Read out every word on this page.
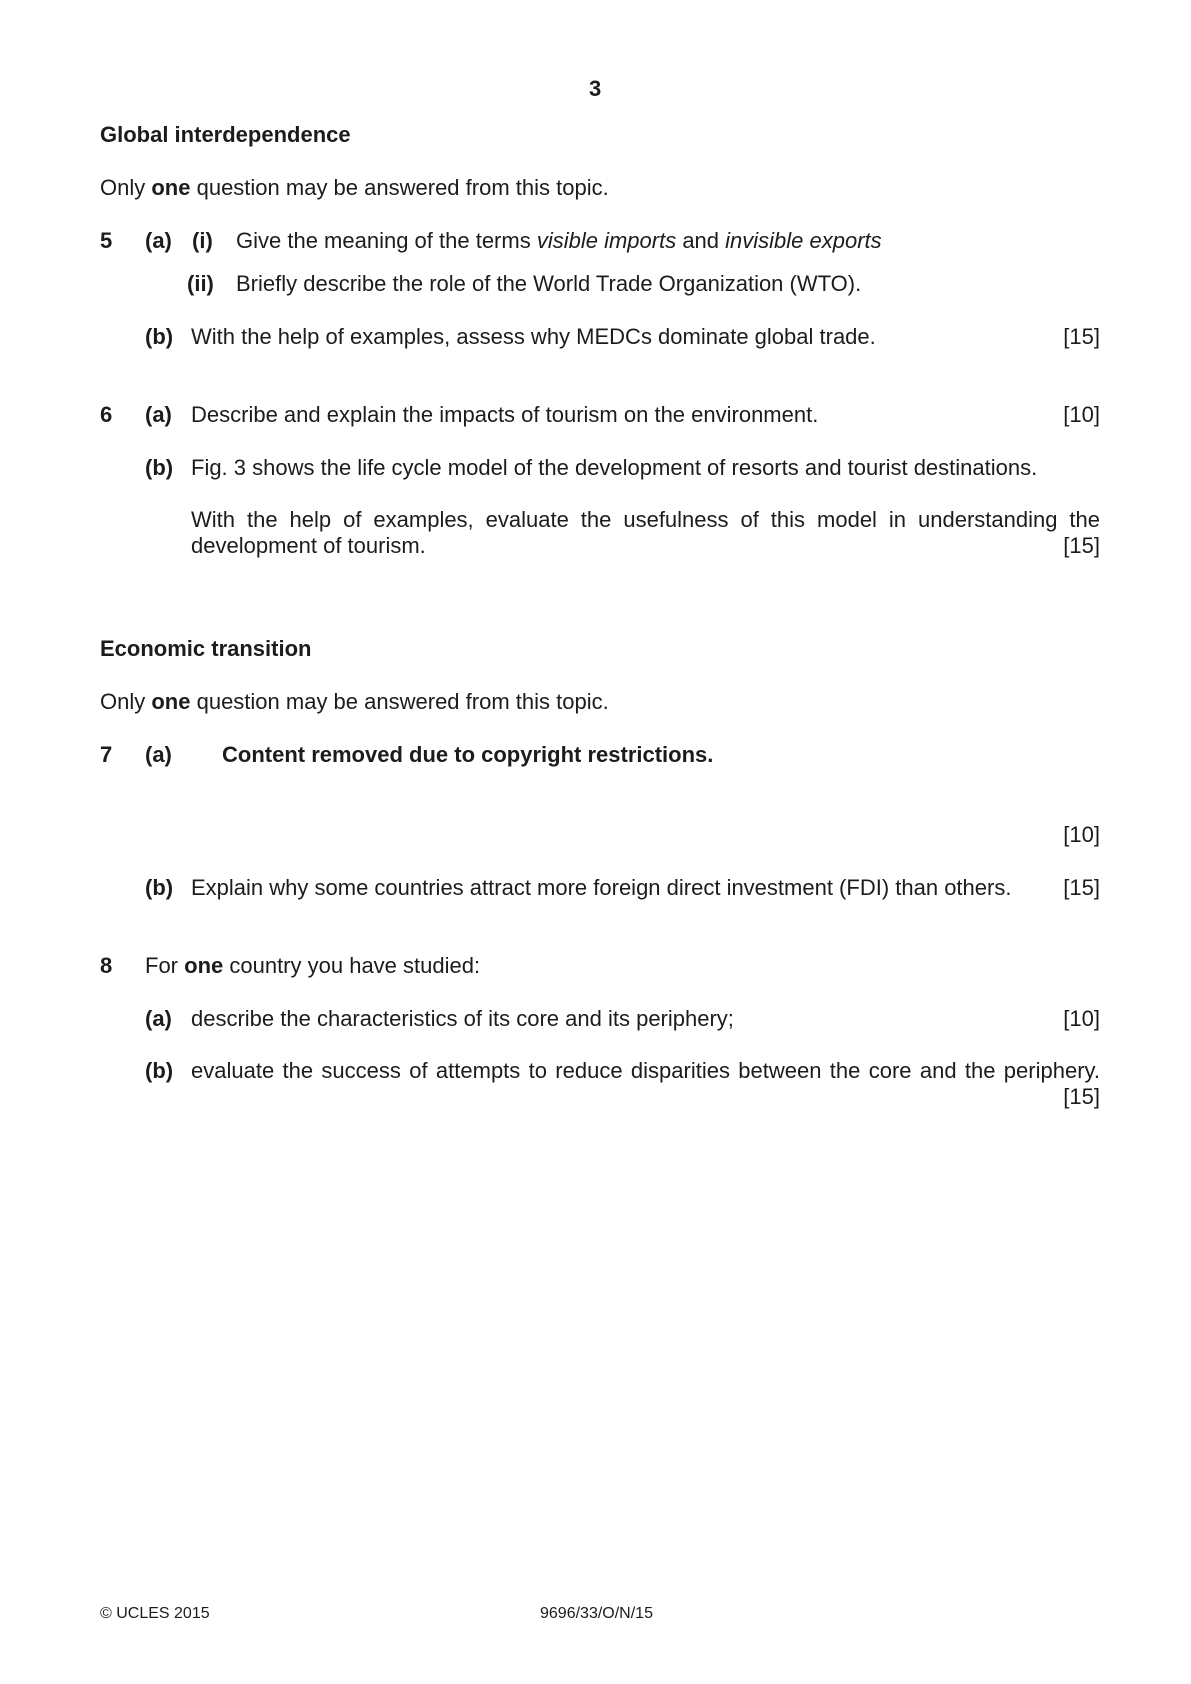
3
Global interdependence
Only one question may be answered from this topic.
5 (a) (i) Give the meaning of the terms visible imports and invisible exports
(ii) Briefly describe the role of the World Trade Organization (WTO).
(b) With the help of examples, assess why MEDCs dominate global trade.	[15]
6 (a) Describe and explain the impacts of tourism on the environment.	[10]
(b) Fig. 3 shows the life cycle model of the development of resorts and tourist destinations.
With the help of examples, evaluate the usefulness of this model in understanding the
development of tourism.	[15]
Economic transition
Only one question may be answered from this topic.
7 (a) Content removed due to copyright restrictions.
[10]
(b) Explain why some countries attract more foreign direct investment (FDI) than others. [15]
8 For one country you have studied:
(a) describe the characteristics of its core and its periphery;	[10]
(b) evaluate the success of attempts to reduce disparities between the core and the periphery.
[15]
© UCLES 2015	9696/33/O/N/15
